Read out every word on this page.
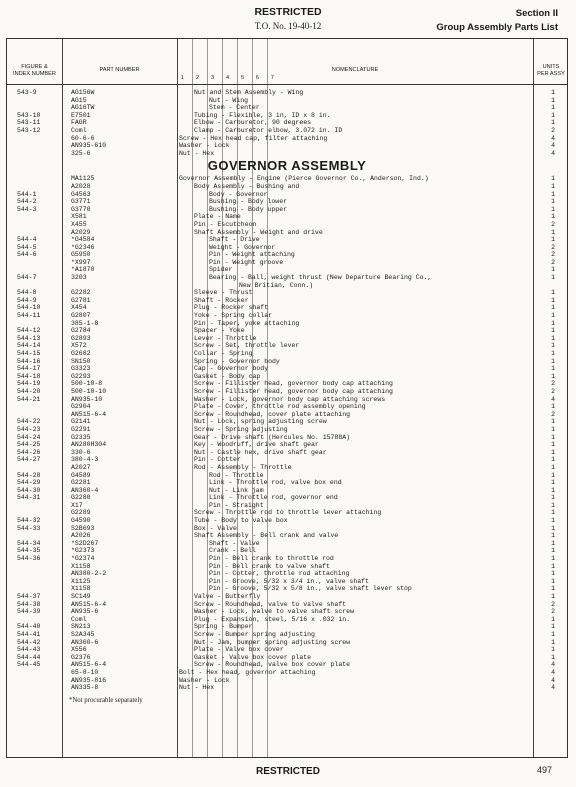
RESTRICTED
T.O. No. 19-40-12
Section II
Group Assembly Parts List
FIGURE &
INDEX NUMBER
PART NUMBER	NOMENCLATURE
1 2 3 4 5 6 7
UNITS
PER ASSY
543-9	AG156W	Nut and Stem Assembly - Wing	1
AG15	Nut - Wing	1
AG16TW	Stem - Center	1
543-10	E7501	Tubing - Flexible, 3 in, ID x 8 in.	1
543-11	FAGR	Elbow - Carburetor, 90 degrees	1
543-12	Coml	Clamp - Carburetor elbow, 3.072 in. ID	2
60-6-6	Screw - Hex head cap, filter attaching	4
AN935-610	Washer - Lock	4
325-6	Nut - Hex	4
GOVERNOR ASSEMBLY
MA1125	Governor Assembly - Engine (Pierce Governor Co., Anderson, Ind.)	1
A2028	Body Assembly - Bushing and	1
544-1	G4563	Body - Governor	1
544-2	G3771	Bushing - Body lower	1
544-3	G3770	Bushing - Body upper	1
X581	Plate - Name	1
X455	Pin - Escutcheon	2
A2029	Shaft Assembly - Weight and drive	1
544-4	*G4584	Shaft - Drive	1
544-5	*G2346	Weight - Governor	2
544-6	G5950	Pin - Weight attaching	2
*X997	Pin - Weight groove	2
*A1870	Spider	1
544-7	3203	Bearing - Ball, weight thrust (New Departure Bearing Co.,	1
New Britian, Conn.)
544-8	G2282	Sleeve - Thrust	1
544-9	G2781	Shaft - Rocker	1
544-10	X454	Plug - Rocker shaft	1
544-11	G2807	Yoke - Spring collar	1
385-1-8	Pin - Taper, yoke attaching	1
544-12	G2784	Spacer - Yoke	1
544-13	G2893	Lever - Throttle	1
544-14	X572	Screw - Set, throttle lever	1
544-15	G2682	Collar - Spring	1
544-16	SN150	Spring - Governor body	1
544-17	G3323	Cap - Governor body	1
544-18	G2293	Gasket - Body cap	1
544-19	500-10-8	Screw - Fillister head, governor body cap attaching	2
544-20	500-10-10	Screw - Fillister head, governor body cap attaching	2
544-21	AN935-10	Washer - Lock, governor body cap attaching screws	4
G2904	Plate - Cover, throttle rod assembly opening	1
AN515-6-4	Screw - Roundhead, cover plate attaching	2
544-22	G2141	Nut - Lock, spring adjusting screw	1
544-23	G2291	Screw - Spring adjusting	1
544-24	G2335	Gear - Drive shaft (Hercules No. 15788A)	1
544-25	AN280H304	Key - Woodruff, drive shaft gear	1
544-26	330-6	Nut - Castle hex, drive shaft gear	1
544-27	380-4-3	Pin - Cotter	1
A2027	Rod - Assembly - Throttle	1
544-28	G4589	Rod - Throttle	1
544-29	G2281	Link - Throttle rod, valve box end	1
544-30	AN360-4	Nut - Link jam	1
544-31	G2280	Link - Throttle rod, governor end	1
X17	Pin - Straight	1
G2289	Screw - Throttle rod to throttle lever attaching	1
544-32	G4590	Tube - Body to valve box	1
544-33	S2B693	Box - Valve	1
A2026	Shaft Assembly - Bell crank and valve	1
544-34	*S2D267	Shaft - Valve	1
544-35	*G2373	Crank - Bell	1
544-36	*G2374	Pin - Bell crank to throttle rod	1
X1158	Pin - Bell crank to valve shaft	1
AN380-2-2	Pin - Cotter, throttle rod attaching	1
X1125	Pin - Groove, 5/32 x 3/4 in., valve shaft	1
X1158	Pin - Groove, 5/32 x 5/8 in., valve shaft lever stop	1
544-37	SC149	Valve - Butterfly	1
544-38	AN515-6-4	Screw - Roundhead, valve to valve shaft	2
544-39	AN935-6	Washer - Lock, valve to valve shaft screw	2
Coml	Plug - Expansion, steel, 5/16 x .032 in.	1
544-40	SN213	Spring - Bumper	1
544-41	S2A345	Screw - Bumper spring adjusting	1
544-42	AN360-6	Nut - Jam, bumper spring adjusting screw	1
544-43	X556	Plate - Valve box cover	1
544-44	G2376	Gasket - Valve box cover plate	1
544-45	AN515-6-4	Screw - Roundhead, valve box cover plate	4
65-8-10	Bolt - Hex head, governor attaching	4
AN935-816	Washer - Lock	4
AN335-8	Nut - Hex	4
*Not procurable separately
RESTRICTED	497
